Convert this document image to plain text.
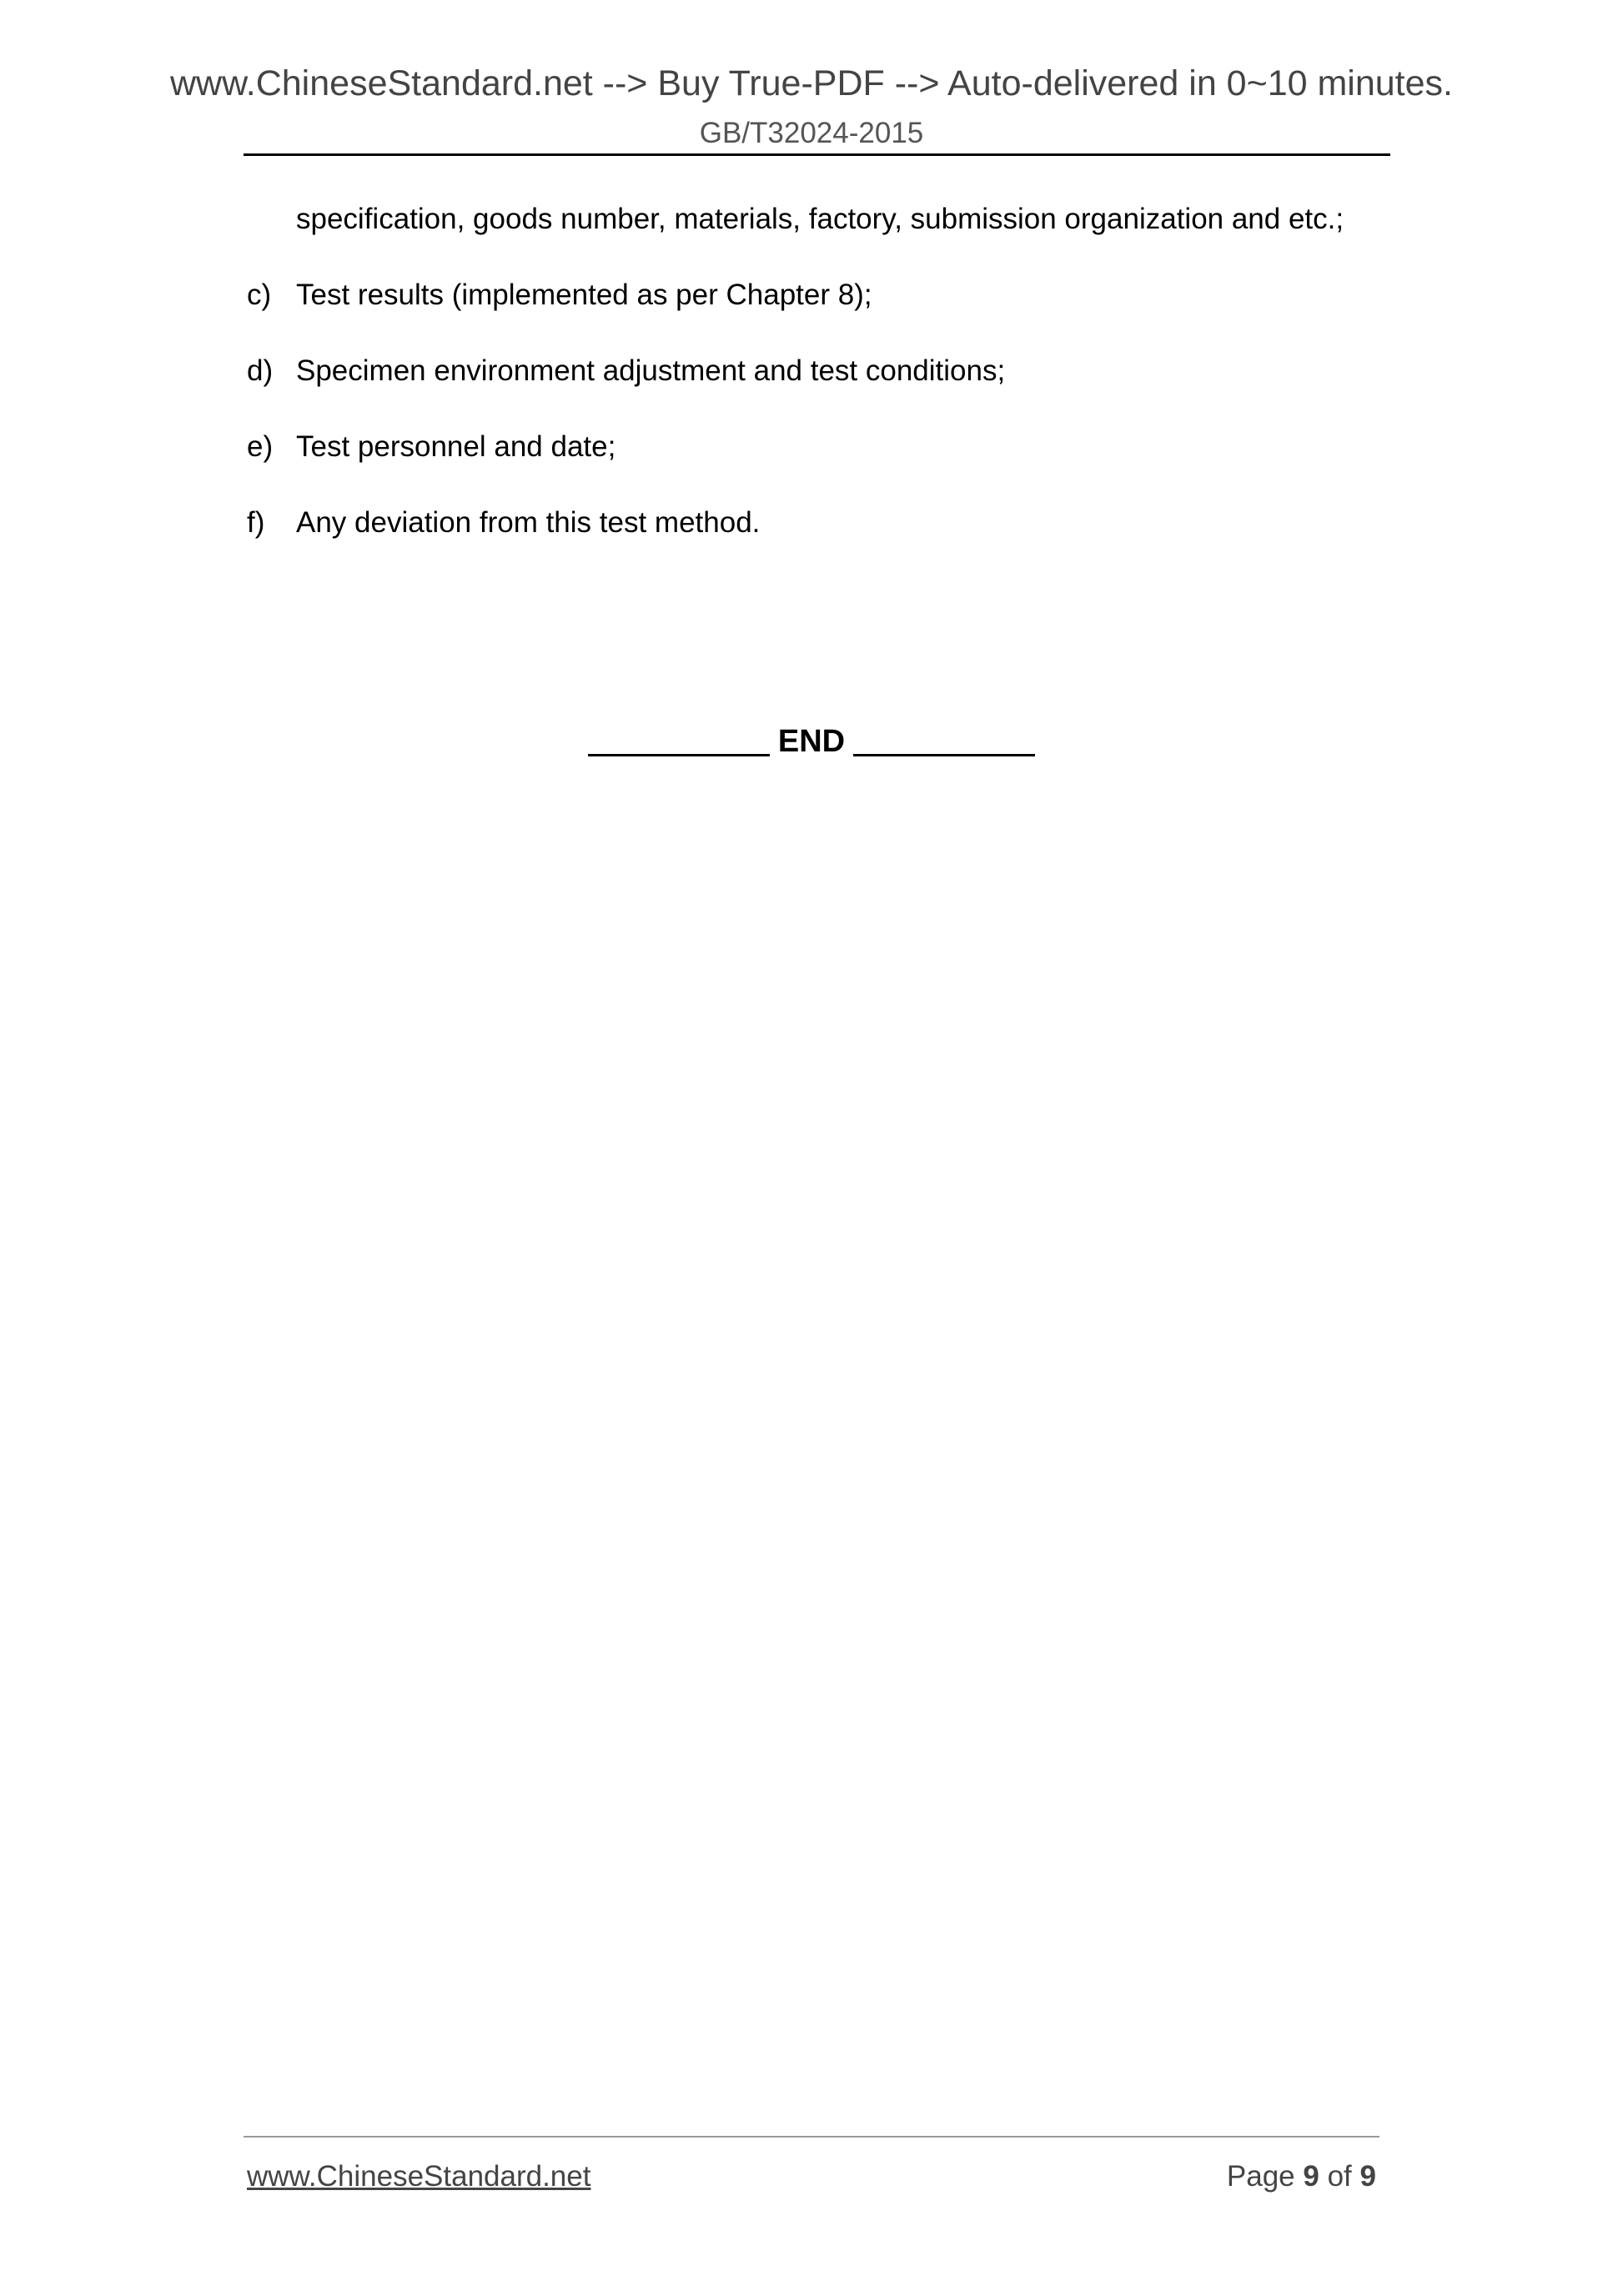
www.ChineseStandard.net --> Buy True-PDF --> Auto-delivered in 0~10 minutes.
GB/T32024-2015
specification, goods number, materials, factory, submission organization and etc.;
c) Test results (implemented as per Chapter 8);
d) Specimen environment adjustment and test conditions;
e) Test personnel and date;
f)	Any deviation from this test method.
END
www.ChineseStandard.net	Page 9 of 9
